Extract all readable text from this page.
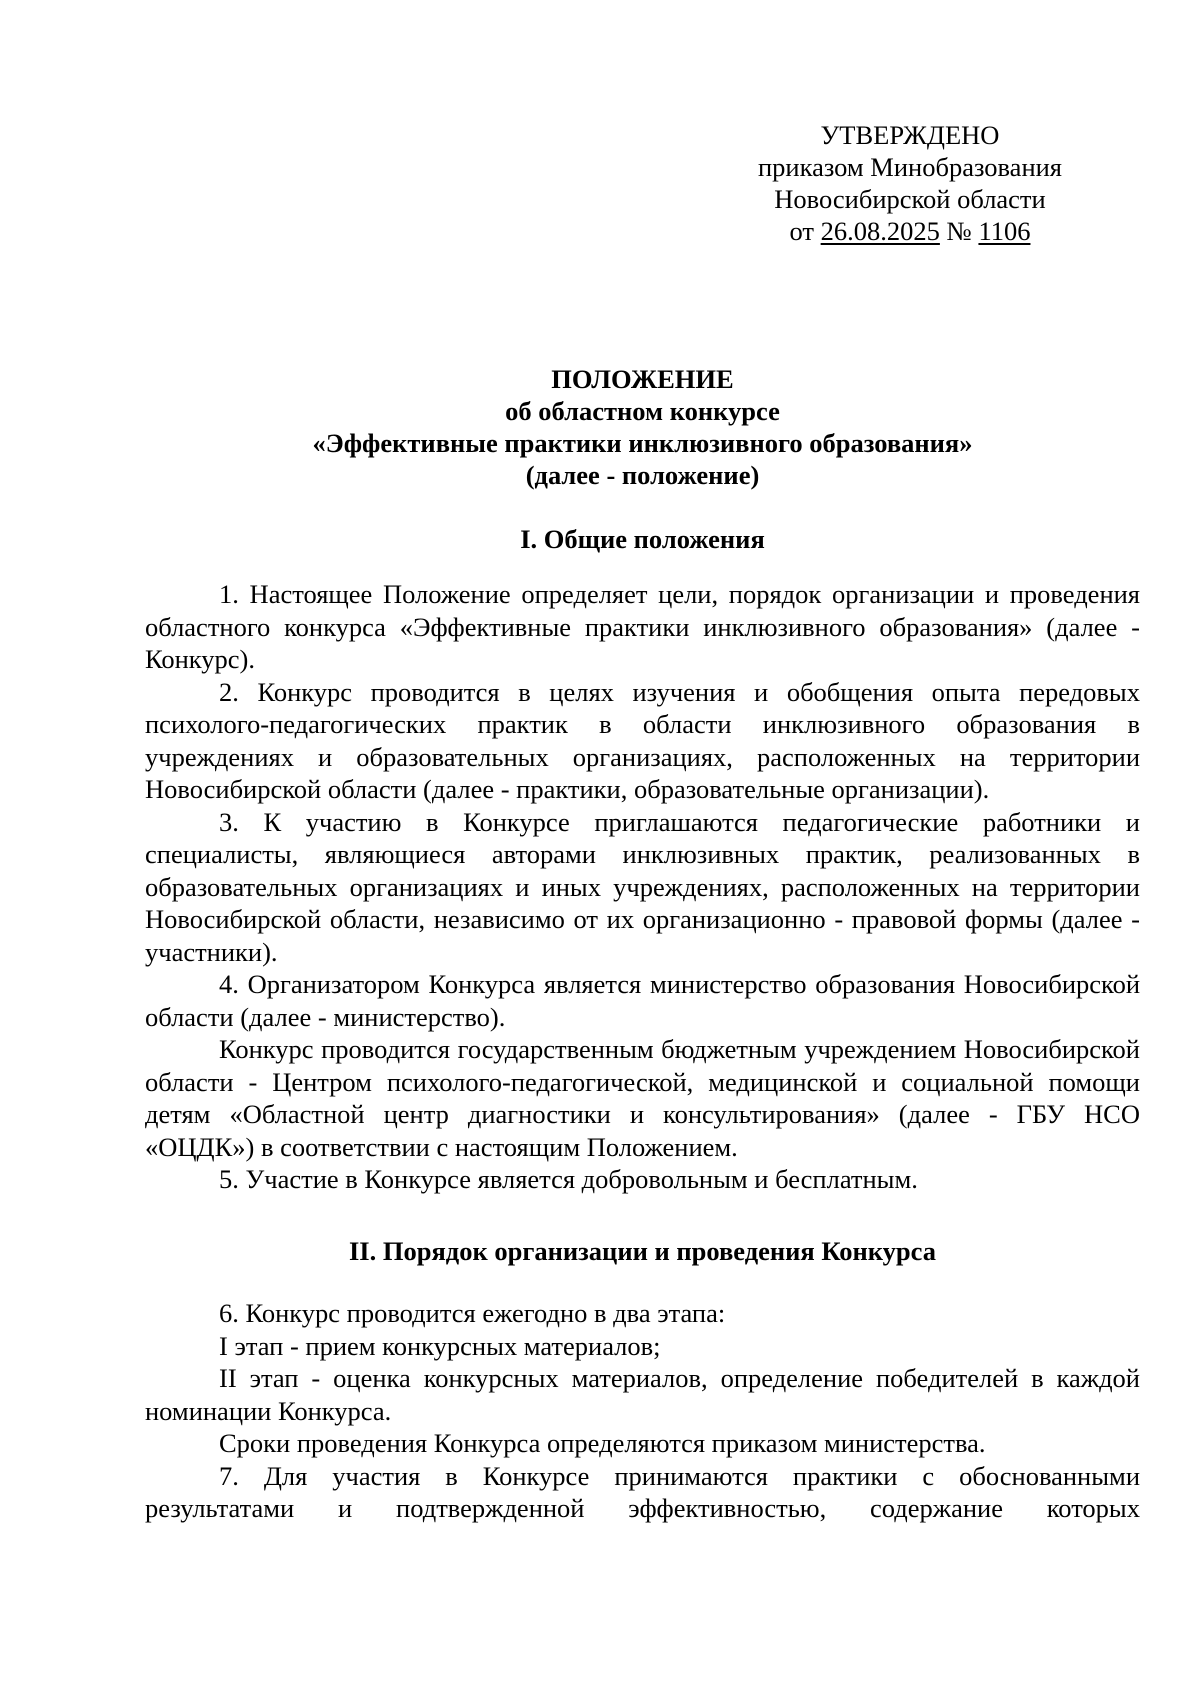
УТВЕРЖДЕНО
приказом Минобразования
Новосибирской области
от 26.08.2025 № 1106
ПОЛОЖЕНИЕ
об областном конкурсе
«Эффективные практики инклюзивного образования»
(далее - положение)
I. Общие положения

1. Настоящее Положение определяет цели, порядок организации и проведения областного конкурса «Эффективные практики инклюзивного образования» (далее - Конкурс).

2. Конкурс проводится в целях изучения и обобщения опыта передовых психолого-педагогических практик в области инклюзивного образования в учреждениях и образовательных организациях, расположенных на территории Новосибирской области (далее - практики, образовательные организации).

3. К участию в Конкурсе приглашаются педагогические работники и специалисты, являющиеся авторами инклюзивных практик, реализованных в образовательных организациях и иных учреждениях, расположенных на территории Новосибирской области, независимо от их организационно - правовой формы (далее - участники).

4. Организатором Конкурса является министерство образования Новосибирской области (далее - министерство).

Конкурс проводится государственным бюджетным учреждением Новосибирской области - Центром психолого-педагогической, медицинской и социальной помощи детям «Областной центр диагностики и консультирования» (далее - ГБУ НСО «ОЦДК») в соответствии с настоящим Положением.

5. Участие в Конкурсе является добровольным и бесплатным.

II. Порядок организации и проведения Конкурса

6. Конкурс проводится ежегодно в два этапа:

I этап - прием конкурсных материалов;

II этап - оценка конкурсных материалов, определение победителей в каждой номинации Конкурса.

Сроки проведения Конкурса определяются приказом министерства.

7. Для участия в Конкурсе принимаются практики с обоснованными результатами и подтвержденной эффективностью, содержание которых
